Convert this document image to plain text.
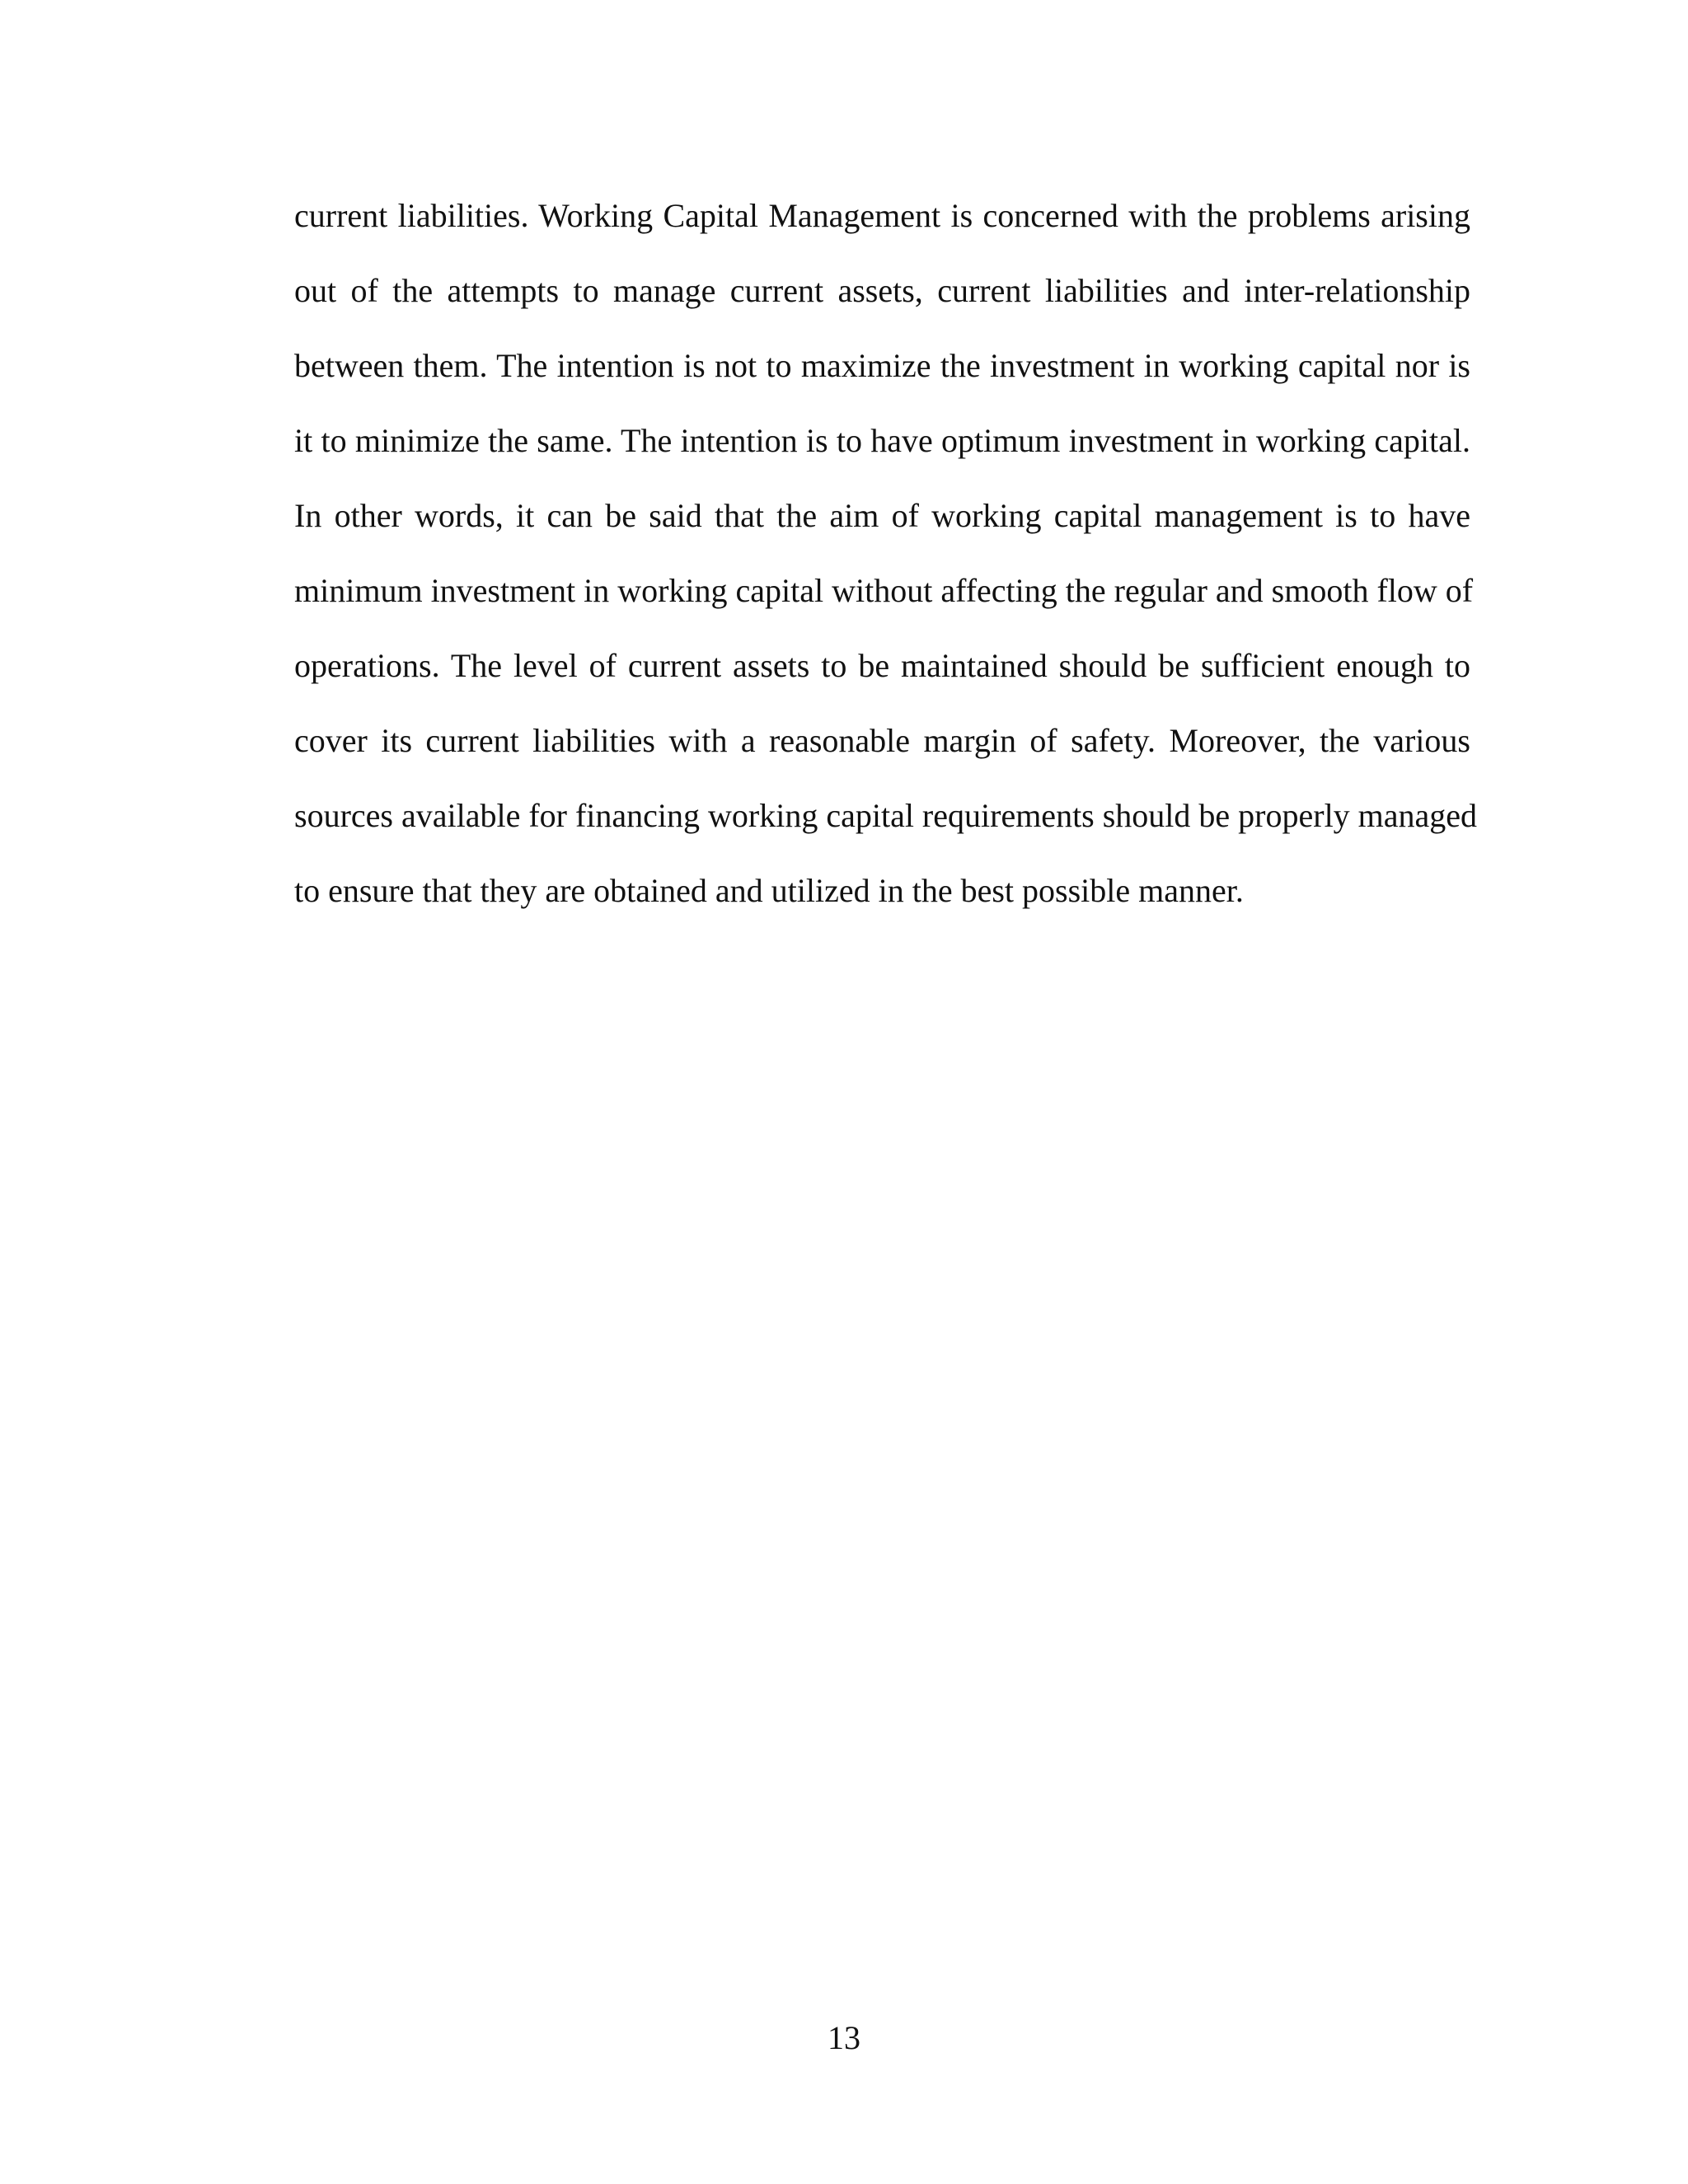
current liabilities. Working Capital Management is concerned with the problems arising
out of the attempts to manage current assets, current liabilities and inter-relationship
between them. The intention is not to maximize the investment in working capital nor is
it to minimize the same. The intention is to have optimum investment in working capital.
In other words, it can be said that the aim of working capital management is to have
minimum investment in working capital without affecting the regular and smooth flow of
operations. The level of current assets to be maintained should be sufficient enough to
cover its current liabilities with a reasonable margin of safety. Moreover, the various
sources available for financing working capital requirements should be properly managed
to ensure that they are obtained and utilized in the best possible manner.
13
